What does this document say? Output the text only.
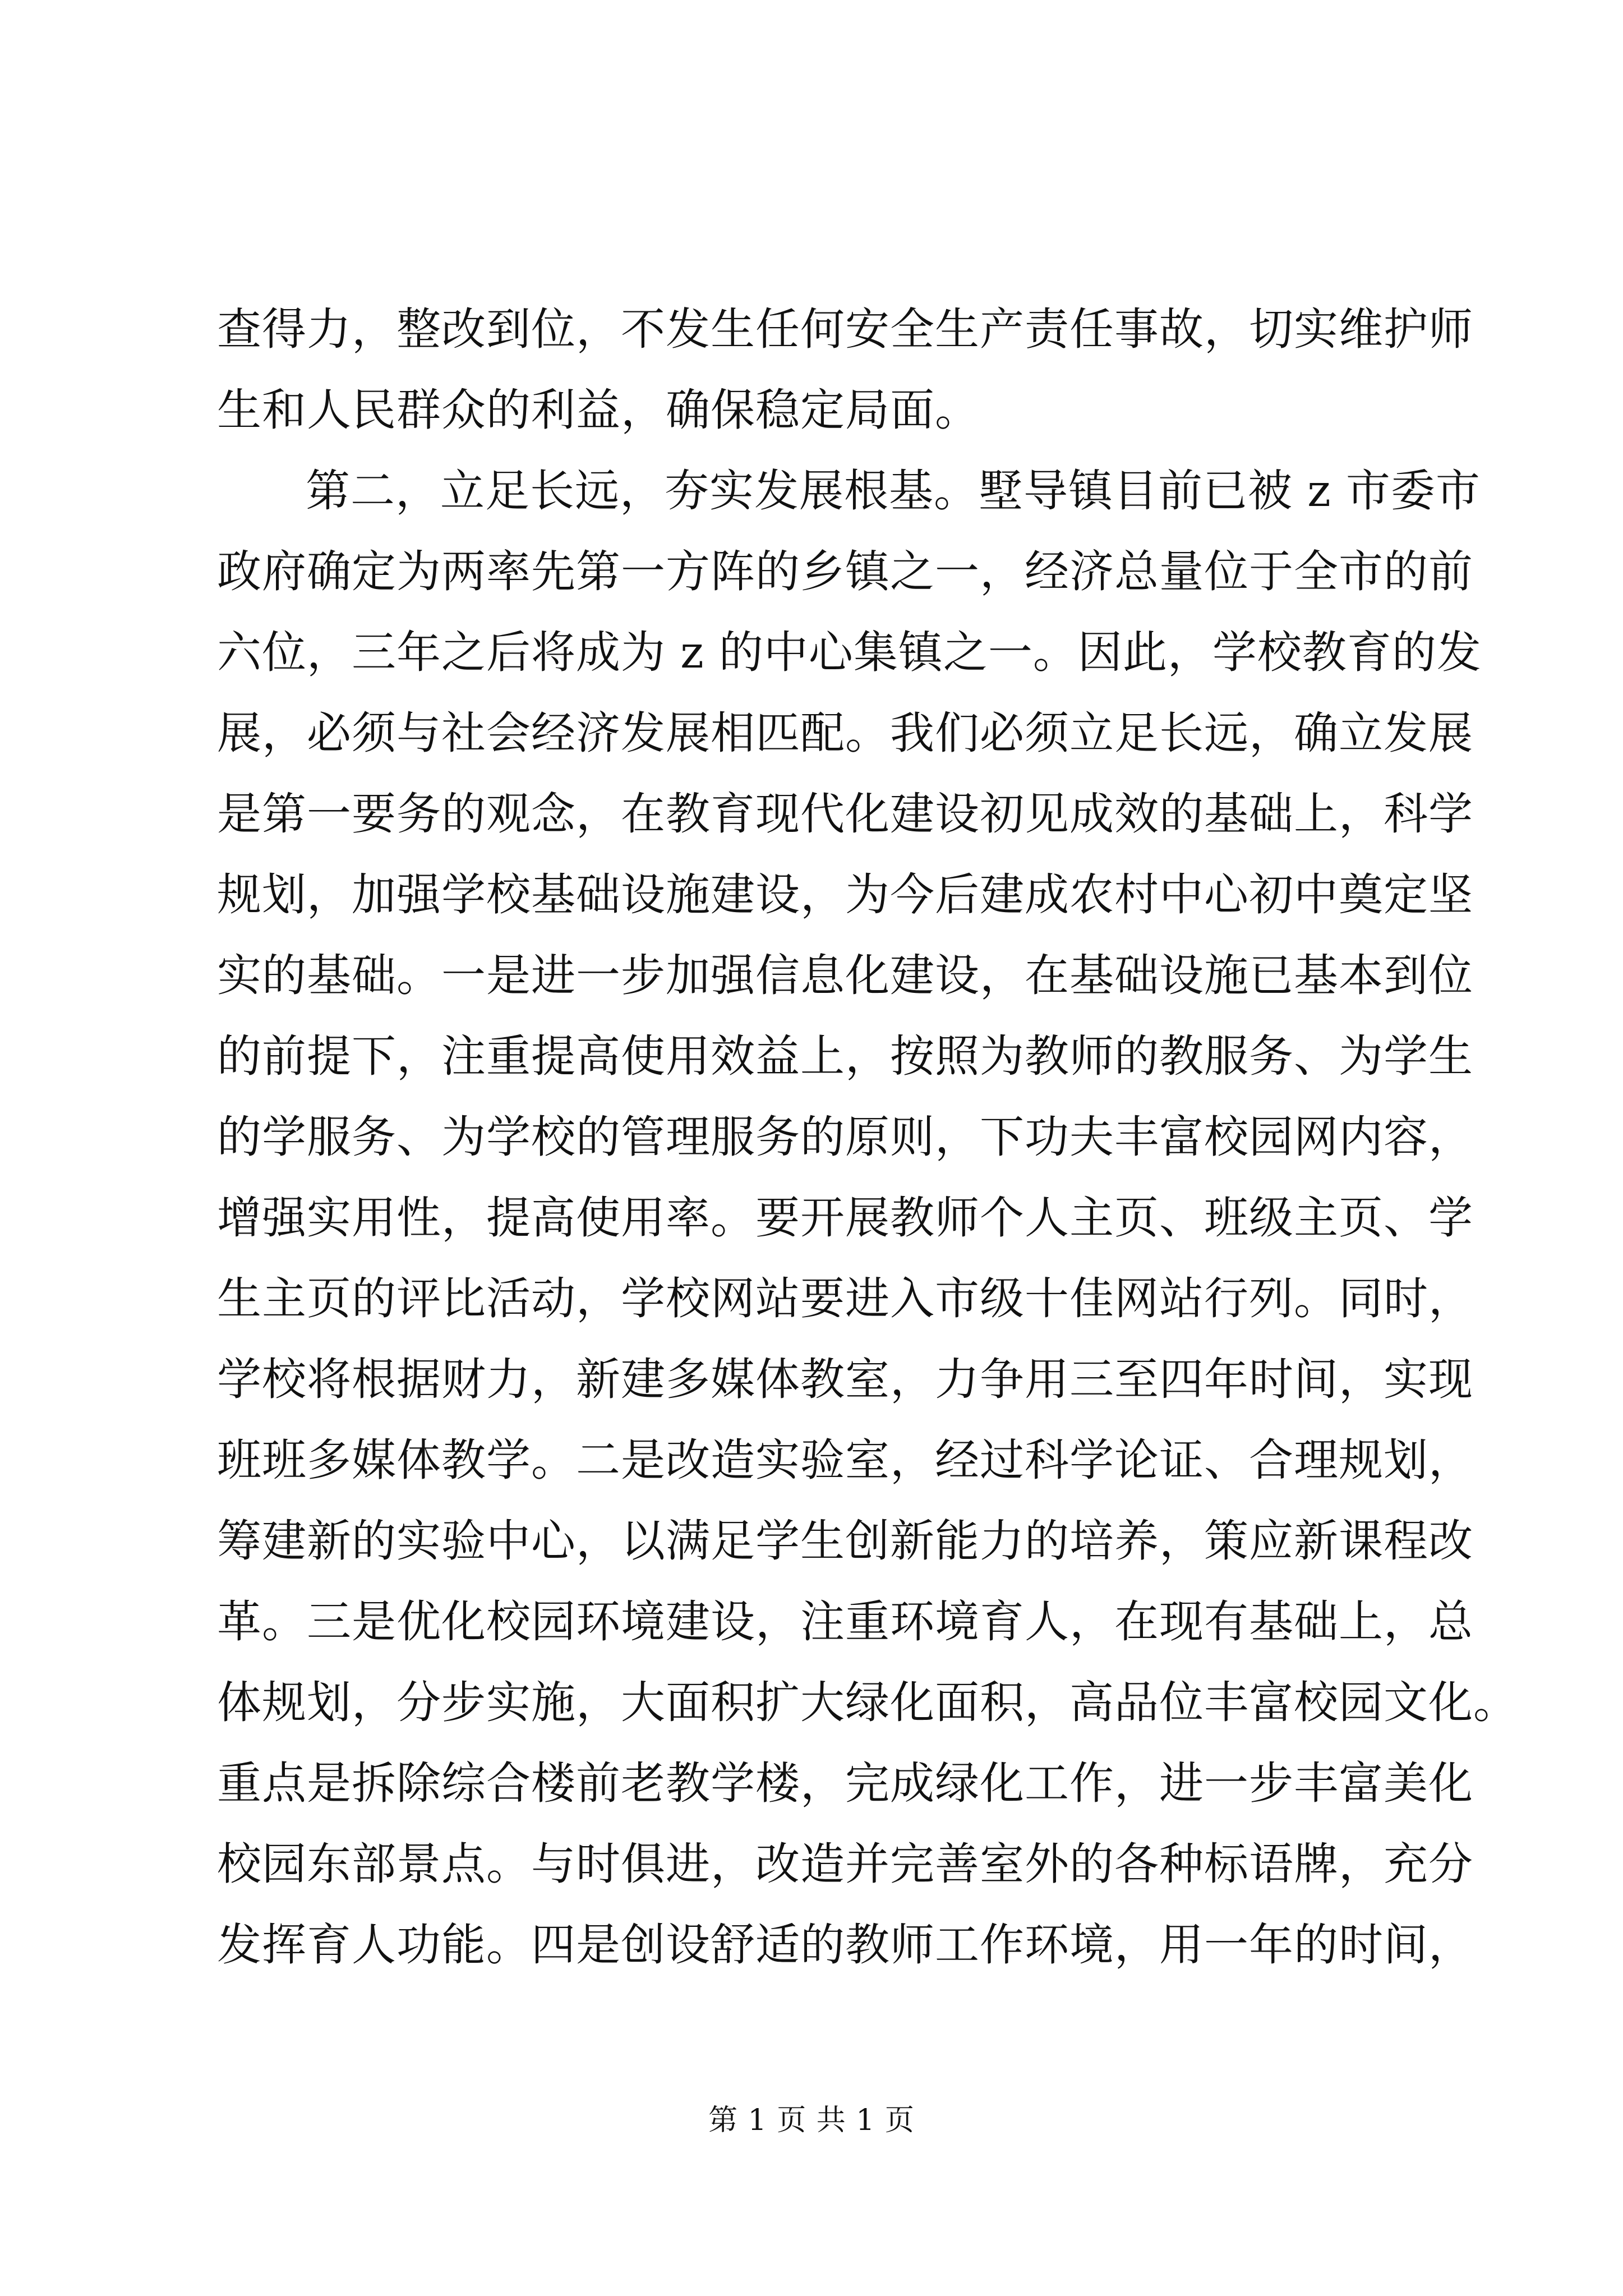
查得力，整改到位，不发生任何安全生产责任事故，切实维护师
生和人民群众的利益，确保稳定局面。
第二，立足长远，夯实发展根基。墅导镇目前已被 z 市委市
政府确定为两率先第一方阵的乡镇之一，经济总量位于全市的前
六位，三年之后将成为 z 的中心集镇之一。因此，学校教育的发
展，必须与社会经济发展相匹配。我们必须立足长远，确立发展
是第一要务的观念，在教育现代化建设初见成效的基础上，科学
规划，加强学校基础设施建设，为今后建成农村中心初中奠定坚
实的基础。一是进一步加强信息化建设，在基础设施已基本到位
的前提下，注重提高使用效益上，按照为教师的教服务、为学生
的学服务、为学校的管理服务的原则，下功夫丰富校园网内容，
增强实用性，提高使用率。要开展教师个人主页、班级主页、学
生主页的评比活动，学校网站要进入市级十佳网站行列。同时，
学校将根据财力，新建多媒体教室，力争用三至四年时间，实现
班班多媒体教学。二是改造实验室，经过科学论证、合理规划，
筹建新的实验中心，以满足学生创新能力的培养，策应新课程改
革。三是优化校园环境建设，注重环境育人，在现有基础上，总
体规划，分步实施，大面积扩大绿化面积，高品位丰富校园文化。
重点是拆除综合楼前老教学楼，完成绿化工作，进一步丰富美化
校园东部景点。与时俱进，改造并完善室外的各种标语牌，充分
发挥育人功能。四是创设舒适的教师工作环境，用一年的时间，
第 1 页 共 1 页
